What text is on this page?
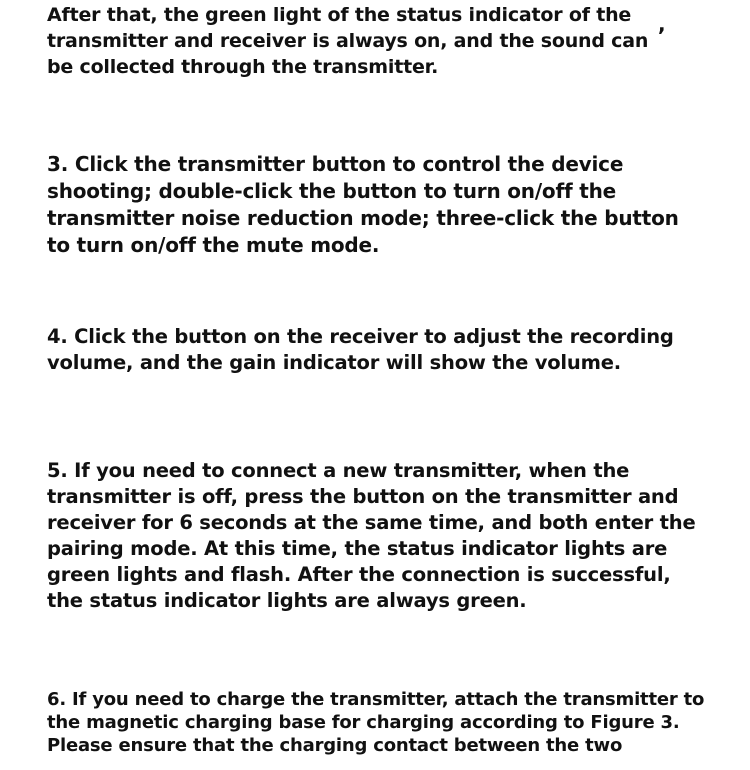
After that, the green light of the status indicator of the
transmitter and receiver is always on, and the sound can
be collected through the transmitter.

,

3. Click the transmitter button to control the device
shooting; double-click the button to turn on/off the
transmitter noise reduction mode; three-click the button
to turn on/off the mute mode.

4. Click the button on the receiver to adjust the recording
volume, and the gain indicator will show the volume.

5. If you need to connect a new transmitter, when the
transmitter is off, press the button on the transmitter and
receiver for 6 seconds at the same time, and both enter the
pairing mode. At this time, the status indicator lights are
green lights and flash. After the connection is successful,
the status indicator lights are always green.

6. If you need to charge the transmitter, attach the transmitter to
the magnetic charging base for charging according to Figure 3.
Please ensure that the charging contact between the two
